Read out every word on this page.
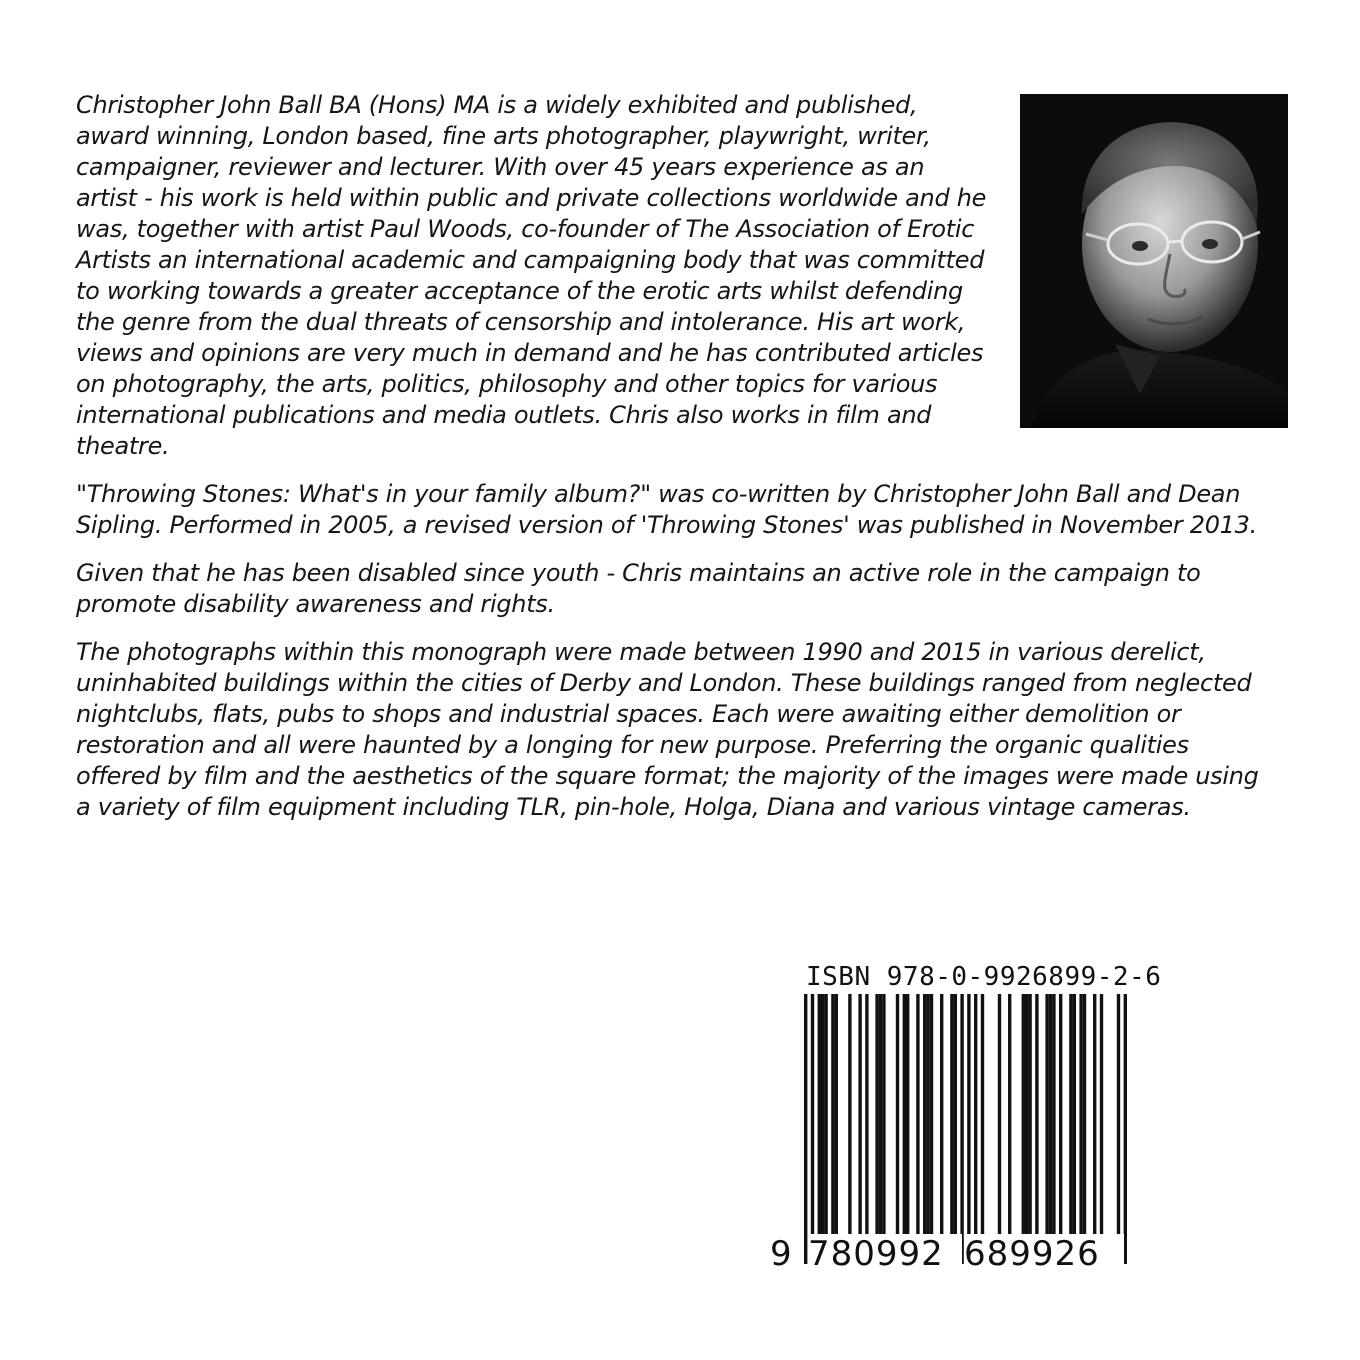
Christopher John Ball BA (Hons) MA is a widely exhibited and published, award winning, London based, fine arts photographer, playwright, writer, campaigner, reviewer and lecturer. With over 45 years experience as an artist - his work is held within public and private collections worldwide and he was, together with artist Paul Woods, co-founder of The Association of Erotic Artists an international academic and campaigning body that was committed to working towards a greater acceptance of the erotic arts whilst defending the genre from the dual threats of censorship and intolerance. His art work, views and opinions are very much in demand and he has contributed articles on photography, the arts, politics, philosophy and other topics for various international publications and media outlets. Chris also works in film and theatre.

"Throwing Stones: What's in your family album?" was co-written by Christopher John Ball and Dean Sipling. Performed in 2005, a revised version of 'Throwing Stones' was published in November 2013.

Given that he has been disabled since youth - Chris maintains an active role in the campaign to promote disability awareness and rights.

The photographs within this monograph were made between 1990 and 2015 in various derelict, uninhabited buildings within the cities of Derby and London. These buildings ranged from neglected nightclubs, flats, pubs to shops and industrial spaces. Each were awaiting either demolition or restoration and all were haunted by a longing for new purpose. Preferring the organic qualities offered by film and the aesthetics of the square format; the majority of the images were made using a variety of film equipment including TLR, pin-hole, Holga, Diana and various vintage cameras.

ISBN 978-0-9926899-2-6
9 780992 689926
